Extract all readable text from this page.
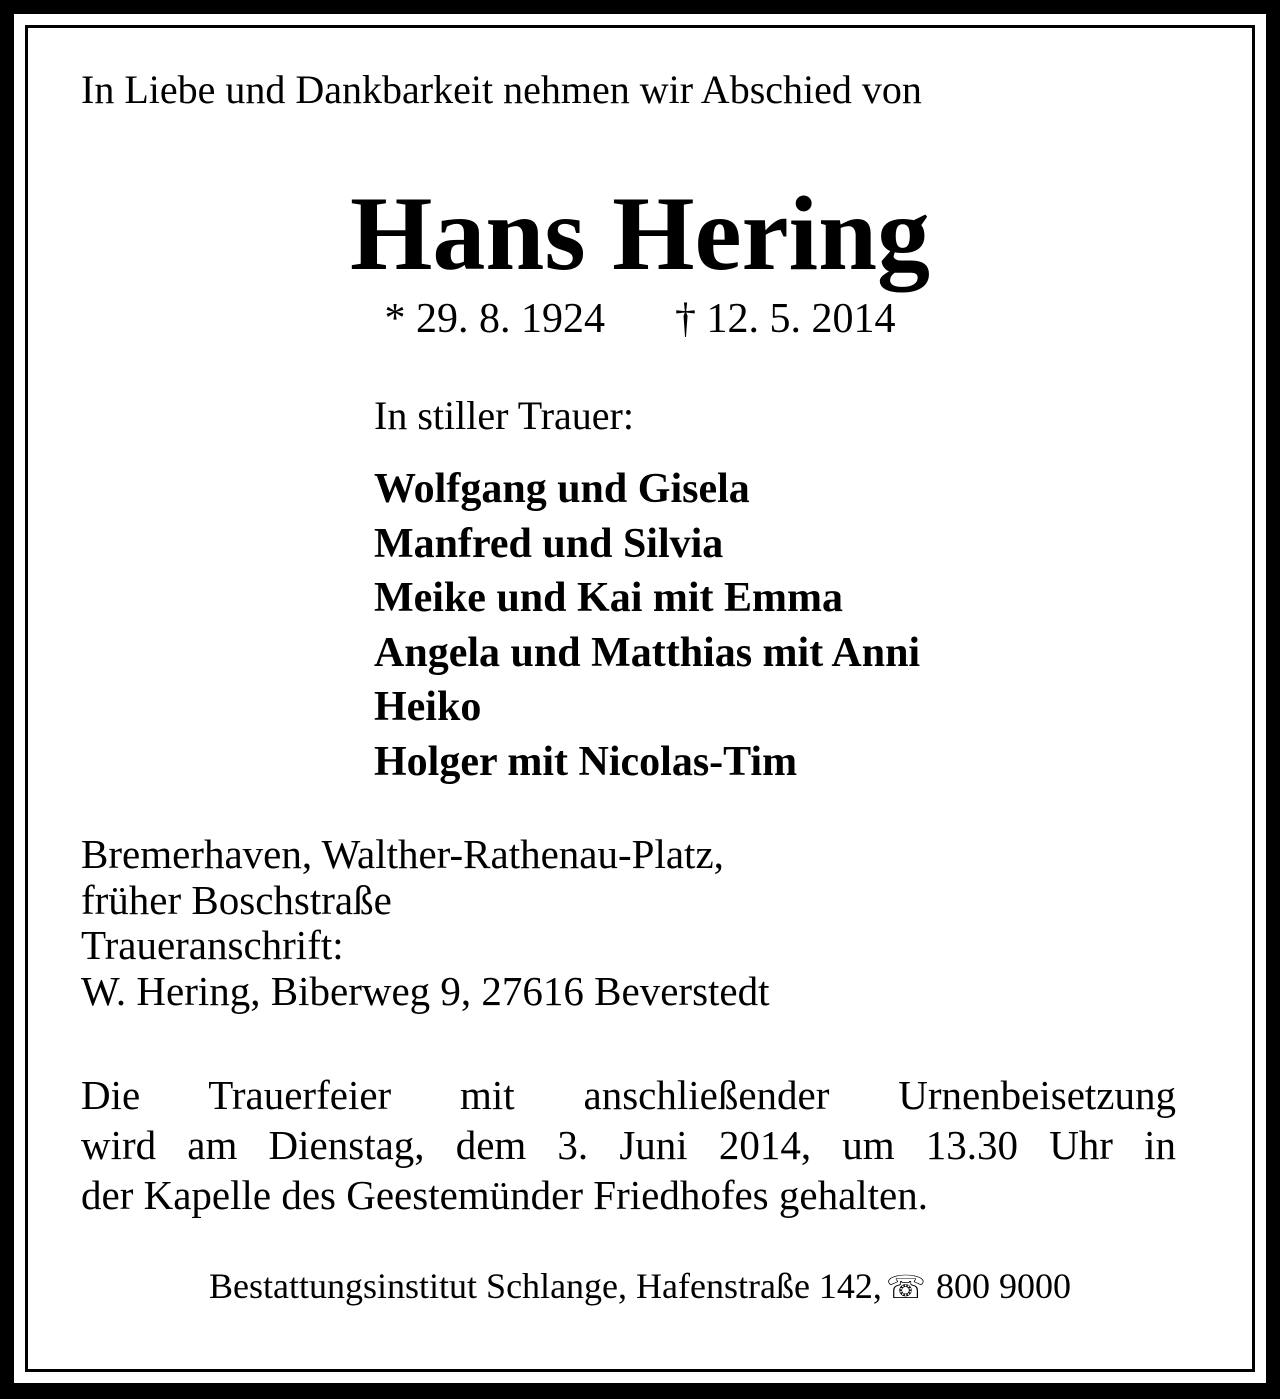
In Liebe und Dankbarkeit nehmen wir Abschied von
Hans Hering
* 29. 8. 1924 † 12. 5. 2014
In stiller Trauer:
Wolfgang und Gisela
Manfred und Silvia
Meike und Kai mit Emma
Angela und Matthias mit Anni
Heiko
Holger mit Nicolas-Tim
Bremerhaven, Walther-Rathenau-Platz,
früher Boschstraße
Traueranschrift:
W. Hering, Biberweg 9, 27616 Beverstedt
Die Trauerfeier mit anschließender Urnenbeisetzung
wird am Dienstag, dem 3. Juni 2014, um 13.30 Uhr in
der Kapelle des Geestemünder Friedhofes gehalten.
Bestattungsinstitut Schlange, Hafenstraße 142, ☏ 800 9000
